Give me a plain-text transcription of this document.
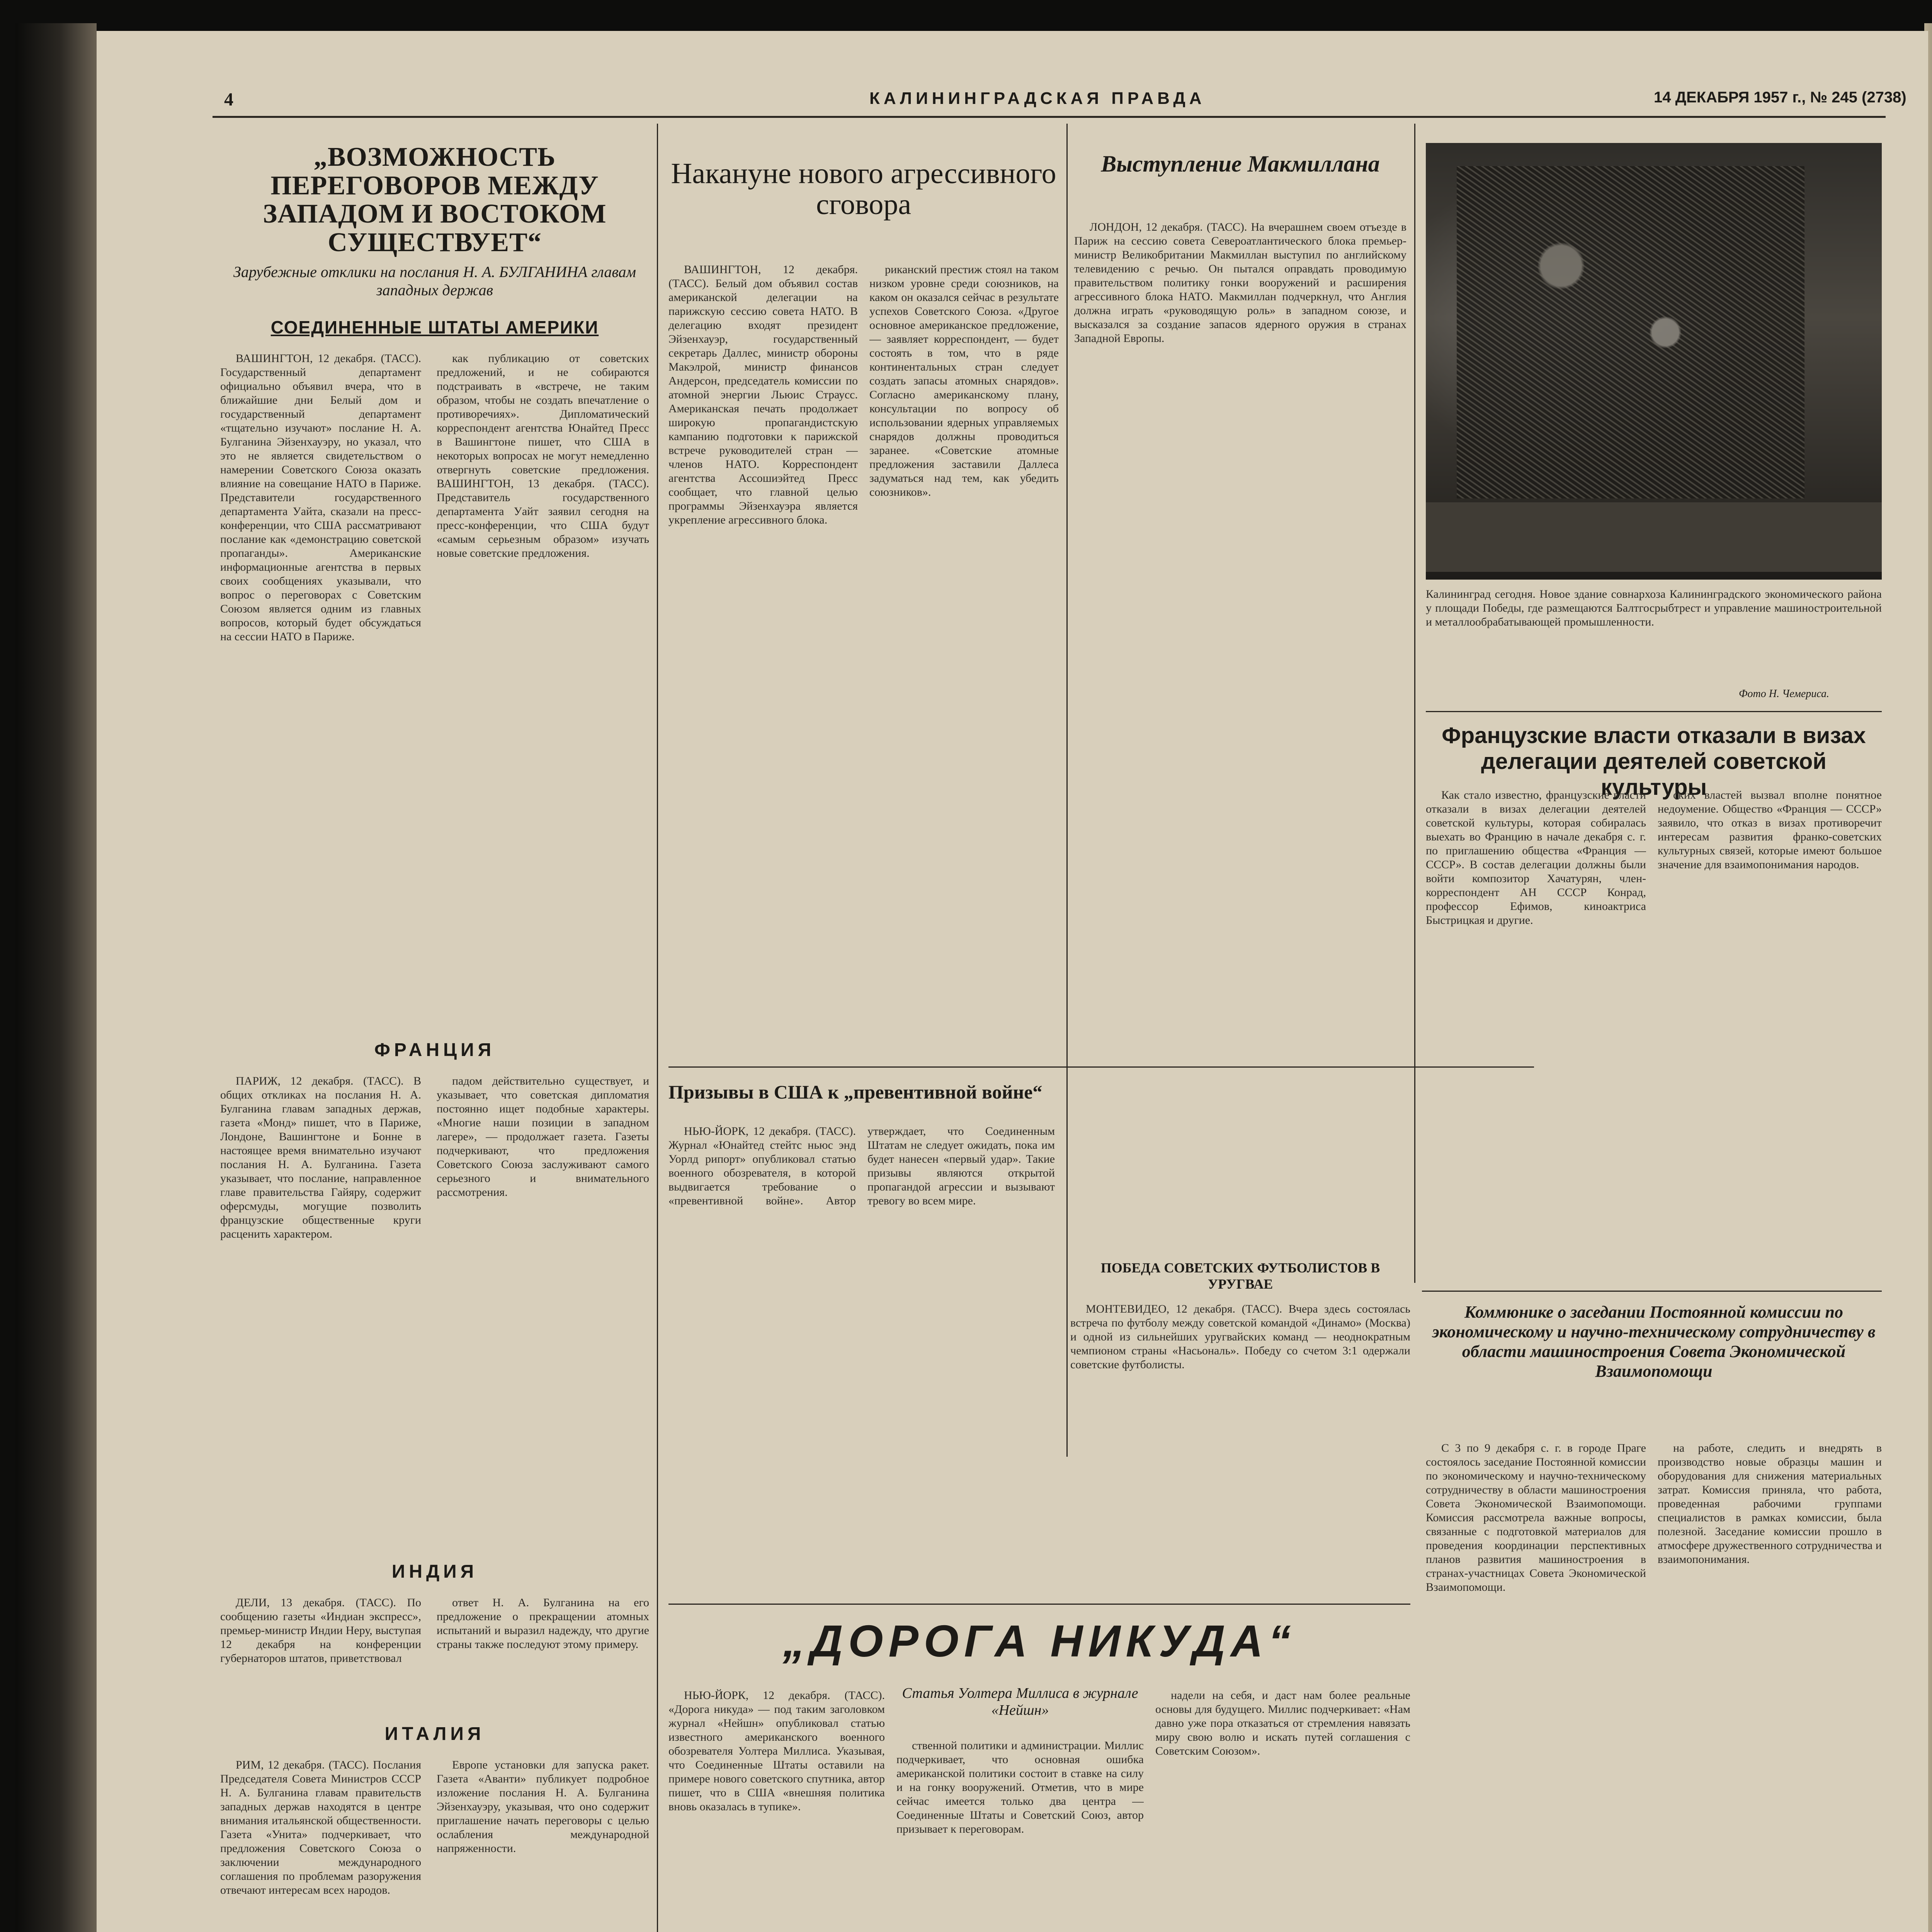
4	КАЛИНИНГРАДСКАЯ ПРАВДА	14 ДЕКАБРЯ 1957 г., № 245 (2738)
„ВОЗМОЖНОСТЬ ПЕРЕГОВОРОВ МЕЖДУ ЗАПАДОМ И ВОСТОКОМ СУЩЕСТВУЕТ“
Зарубежные отклики на послания Н. А. БУЛГАНИНА главам западных держав
СОЕДИНЕННЫЕ ШТАТЫ АМЕРИКИ

ВАШИНГТОН, 12 декабря. (ТАСС). Государственный департамент официально объявил вчера, что в ближайшие дни Белый дом и государственный департамент «тщательно изучают» послание Н. А. Булганина Эйзенхауэру, но указал, что это не является свидетельством о намерении Советского Союза оказать влияние на совещание НАТО в Париже. Представители государственного департамента Уайта, сказали на пресс-конференции, что США рассматривают послание как «демонстрацию советской пропаганды». Американские информационные агентства в первых своих сообщениях указывали, что вопрос о переговорах с Советским Союзом является одним из главных вопросов, который будет обсуждаться на сессии НАТО в Париже.

как публикацию от советских предложений, и не собираются подстраивать в «встрече, не таким образом, чтобы не создать впечатление о противоречиях». Дипломатический корреспондент агентства Юнайтед Пресс в Вашингтоне пишет, что США в некоторых вопросах не могут немедленно отвергнуть советские предложения. ВАШИНГТОН, 13 декабря. (ТАСС). Представитель государственного департамента Уайт заявил сегодня на пресс-конференции, что США будут «самым серьезным образом» изучать новые советские предложения.

ФРАНЦИЯ

ПАРИЖ, 12 декабря. (ТАСС). В общих откликах на послания Н. А. Булганина главам западных держав, газета «Монд» пишет, что в Париже, Лондоне, Вашингтоне и Бонне в настоящее время внимательно изучают послания Н. А. Булганина. Газета указывает, что послание, направленное главе правительства Гайяру, содержит оферсмуды, могущие позволить французские общественные круги расценить характером.

падом действительно существует, и указывает, что советская дипломатия постоянно ищет подобные характеры. «Многие наши позиции в западном лагере», — продолжает газета. Газеты подчеркивают, что предложения Советского Союза заслуживают самого серьезного и внимательного рассмотрения.

ИНДИЯ

ДЕЛИ, 13 декабря. (ТАСС). По сообщению газеты «Индиан экспресс», премьер-министр Индии Неру, выступая 12 декабря на конференции губернаторов штатов, приветствовал

ответ Н. А. Булганина на его предложение о прекращении атомных испытаний и выразил надежду, что другие страны также последуют этому примеру.

ИТАЛИЯ

РИМ, 12 декабря. (ТАСС). Послания Председателя Совета Министров СССР Н. А. Булганина главам правительств западных держав находятся в центре внимания итальянской общественности. Газета «Унита» подчеркивает, что предложения Советского Союза о заключении международного соглашения по проблемам разоружения отвечают интересам всех народов.

Европе установки для запуска ракет. Газета «Аванти» публикует подробное изложение послания Н. А. Булганина Эйзенхауэру, указывая, что оно содержит приглашение начать переговоры с целью ослабления международной напряженности.

Накануне нового агрессивного сговора

ВАШИНГТОН, 12 декабря. (ТАСС). Белый дом объявил состав американской делегации на парижскую сессию совета НАТО. В делегацию входят президент Эйзенхауэр, государственный секретарь Даллес, министр обороны Макэлрой, министр финансов Андерсон, председатель комиссии по атомной энергии Льюис Страусс. Американская печать продолжает широкую пропагандистскую кампанию подготовки к парижской встрече руководителей стран — членов НАТО. Корреспондент агентства Ассошиэйтед Пресс сообщает, что главной целью программы Эйзенхауэра является укрепление агрессивного блока.

риканский престиж стоял на таком низком уровне среди союзников, на каком он оказался сейчас в результате успехов Советского Союза. «Другое основное американское предложение, — заявляет корреспондент, — будет состоять в том, что в ряде континентальных стран следует создать запасы атомных снарядов». Согласно американскому плану, консультации по вопросу об использовании ядерных управляемых снарядов должны проводиться заранее. «Советские атомные предложения заставили Даллеса задуматься над тем, как убедить союзников».

Призывы в США к „превентивной войне“

НЬЮ-ЙОРК, 12 декабря. (ТАСС). Журнал «Юнайтед стейтс ньюс энд Уорлд рипорт» опубликовал статью военного обозревателя, в которой выдвигается требование о «превентивной войне». Автор утверждает, что Соединенным Штатам не следует ожидать, пока им будет нанесен «первый удар». Такие призывы являются открытой пропагандой агрессии и вызывают тревогу во всем мире.

Выступление Макмиллана

ЛОНДОН, 12 декабря. (ТАСС). На вчерашнем своем отъезде в Париж на сессию совета Североатлантического блока премьер-министр Великобритании Макмиллан выступил по английскому телевидению с речью. Он пытался оправдать проводимую правительством политику гонки вооружений и расширения агрессивного блока НАТО. Макмиллан подчеркнул, что Англия должна играть «руководящую роль» в западном союзе, и высказался за создание запасов ядерного оружия в странах Западной Европы.

ПОБЕДА СОВЕТСКИХ ФУТБОЛИСТОВ В УРУГВАЕ

МОНТЕВИДЕО, 12 декабря. (ТАСС). Вчера здесь состоялась встреча по футболу между советской командой «Динамо» (Москва) и одной из сильнейших уругвайских команд — неоднократным чемпионом страны «Насьональ». Победу со счетом 3:1 одержали советские футболисты.

„ДОРОГА НИКУДА“
Статья Уолтера Миллиса в журнале «Нейшн»

НЬЮ-ЙОРК, 12 декабря. (ТАСС). «Дорога никуда» — под таким заголовком журнал «Нейшн» опубликовал статью известного американского военного обозревателя Уолтера Миллиса. Указывая, что Соединенные Штаты оставили на примере нового советского спутника, автор пишет, что в США «внешняя политика вновь оказалась в тупике».

ственной политики и администрации. Миллис подчеркивает, что основная ошибка американской политики состоит в ставке на силу и на гонку вооружений. Отметив, что в мире сейчас имеется только два центра — Соединенные Штаты и Советский Союз, автор призывает к переговорам.

надели на себя, и даст нам более реальные основы для будущего. Миллис подчеркивает: «Нам давно уже пора отказаться от стремления навязать миру свою волю и искать путей соглашения с Советским Союзом».

Калининград сегодня. Новое здание совнархоза Калининградского экономического района у площади Победы, где размещаются Балтгосрыбтрест и управление машиностроительной и металлообрабатывающей промышленности.

Фото Н. Чемериса.
Французские власти отказали в визах делегации деятелей советской культуры

Как стало известно, французские власти отказали в визах делегации деятелей советской культуры, которая собиралась выехать во Францию в начале декабря с. г. по приглашению общества «Франция — СССР». В состав делегации должны были войти композитор Хачатурян, член-корреспондент АН СССР Конрад, профессор Ефимов, киноактриса Быстрицкая и другие.

ских властей вызвал вполне понятное недоумение. Общество «Франция — СССР» заявило, что отказ в визах противоречит интересам развития франко-советских культурных связей, которые имеют большое значение для взаимопонимания народов.

Коммюнике о заседании Постоянной комиссии по экономическому и научно-техническому сотрудничеству в области машиностроения Совета Экономической Взаимопомощи

С 3 по 9 декабря с. г. в городе Праге состоялось заседание Постоянной комиссии по экономическому и научно-техническому сотрудничеству в области машиностроения Совета Экономической Взаимопомощи. Комиссия рассмотрела важные вопросы, связанные с подготовкой материалов для проведения координации перспективных планов развития машиностроения в странах-участницах Совета Экономической Взаимопомощи.

на работе, следить и внедрять в производство новые образцы машин и оборудования для снижения материальных затрат. Комиссия приняла, что работа, проведенная рабочими группами специалистов в рамках комиссии, была полезной. Заседание комиссии прошло в атмосфере дружественного сотрудничества и взаимопонимания.
